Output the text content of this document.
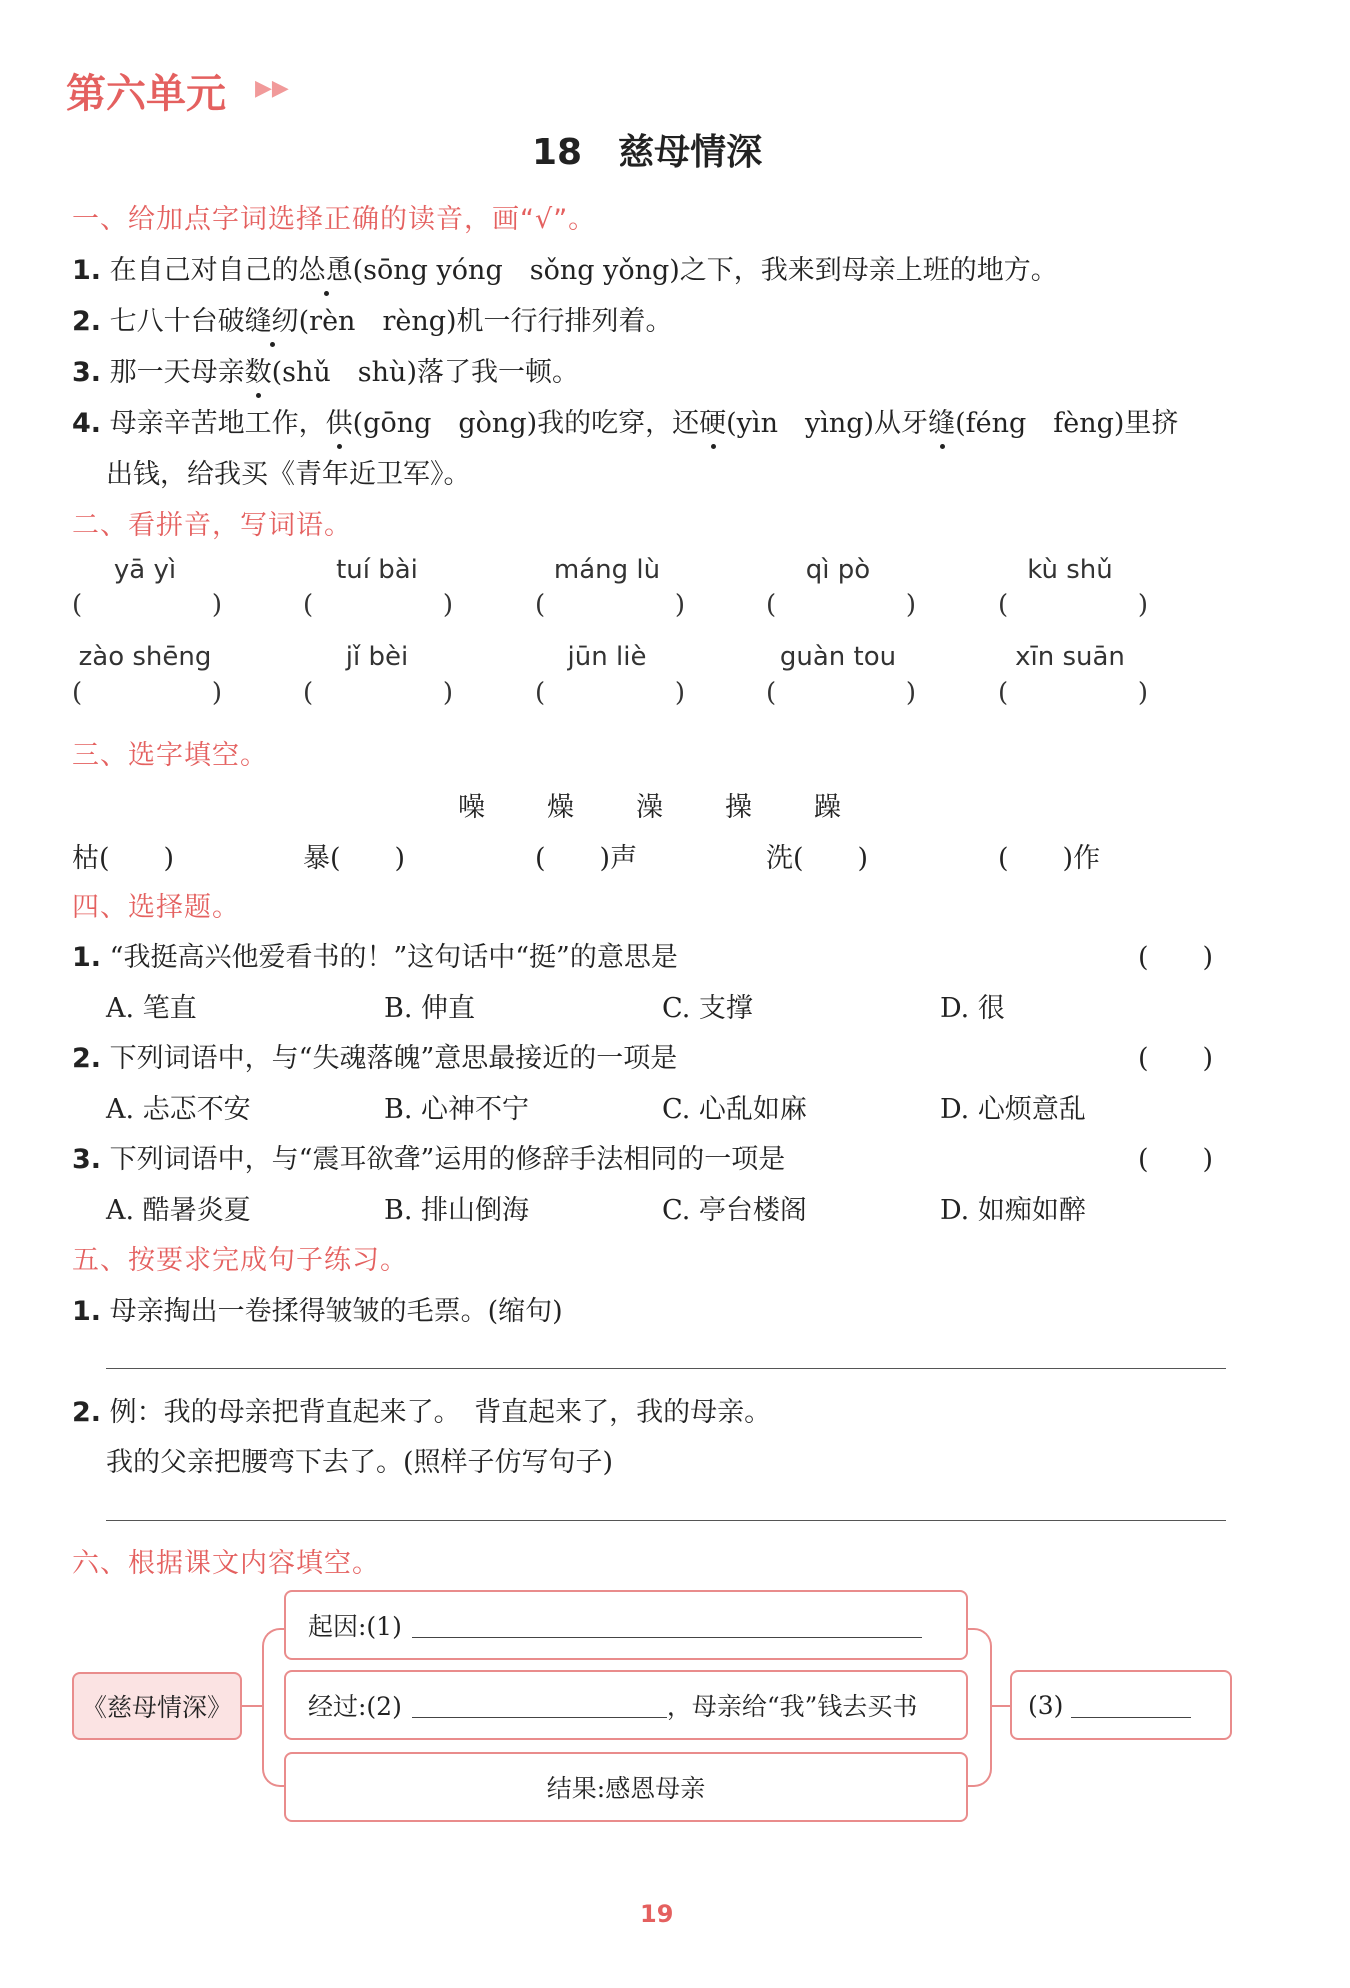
第六单元 ▶▶
18　慈母情深
一、给加点字词选择正确的读音，画“√”。
1. 在自己对自己的怂恿(sōng yóng　sǒng yǒng)之下，我来到母亲上班的地方。
2. 七八十台破缝纫(rèn　rèng)机一行行排列着。
3. 那一天母亲数(shǔ　shù)落了我一顿。
4. 母亲辛苦地工作，供(gōng　gòng)我的吃穿，还硬(yìn　yìng)从牙缝(féng　fèng)里挤
出钱，给我买《青年近卫军》。
二、看拼音，写词语。
yā yì	tuí bài	máng lù	qì pò	kù shǔ
(	)	(	)	(	)	(	)	(	)
zào shēng	jǐ bèi	jūn liè	guàn tou	xīn suān
(	)	(	)	(	)	(	)	(	)
三、选字填空。
噪 燥 澡 操 躁
枯(　　)	暴(　　)	(　　)声	洗(　　)	(　　)作
四、选择题。
1. “我挺高兴他爱看书的！”这句话中“挺”的意思是	(　　)
A. 笔直	B. 伸直	C. 支撑	D. 很
2. 下列词语中，与“失魂落魄”意思最接近的一项是	(　　)
A. 忐忑不安	B. 心神不宁	C. 心乱如麻	D. 心烦意乱
3. 下列词语中，与“震耳欲聋”运用的修辞手法相同的一项是	(　　)
A. 酷暑炎夏	B. 排山倒海	C. 亭台楼阁	D. 如痴如醉
五、按要求完成句子练习。
1. 母亲掏出一卷揉得皱皱的毛票。(缩句)
2. 例：我的母亲把背直起来了。　背直起来了，我的母亲。
我的父亲把腰弯下去了。(照样子仿写句子)
六、根据课文内容填空。
《慈母情深》
起因:(1)
经过:(2)	，母亲给“我”钱去买书
结果:感恩母亲
(3)
19
